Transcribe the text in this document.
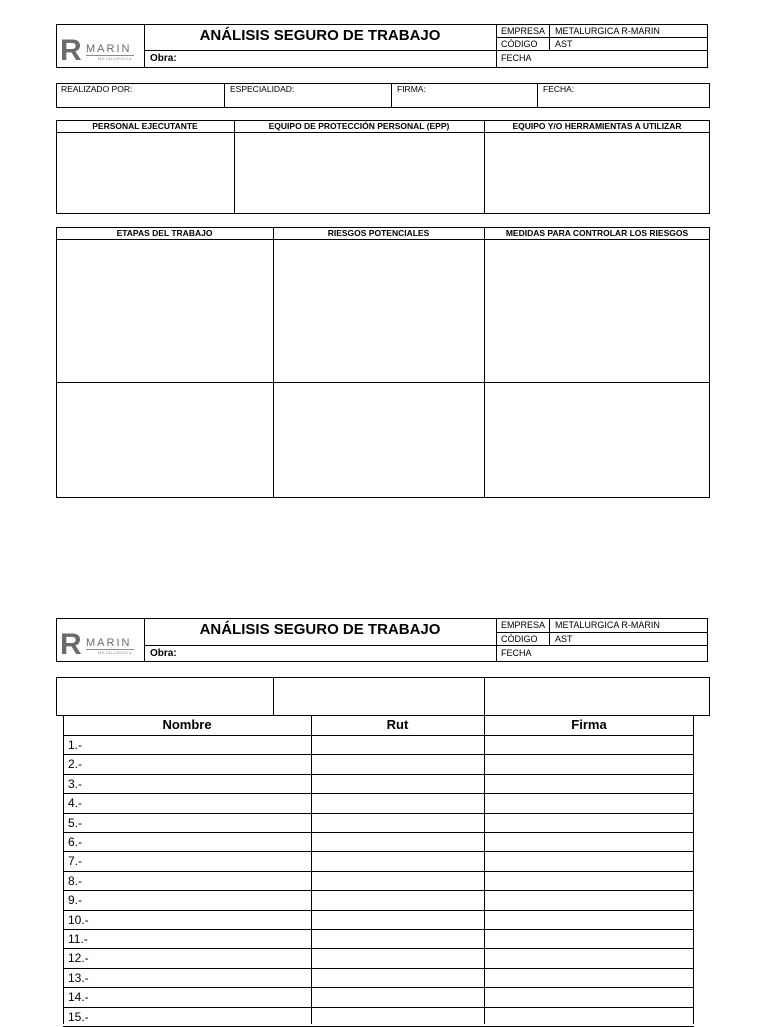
R MARIN
METALURGICA
ANÁLISIS SEGURO DE TRABAJO
Obra:
EMPRESA METALURGICA R-MARIN
CÓDIGO AST
FECHA
REALIZADO POR:	ESPECIALIDAD:	FIRMA:	FECHA:
PERSONAL EJECUTANTE	EQUIPO DE PROTECCIÓN PERSONAL (EPP)	EQUIPO Y/O HERRAMIENTAS A UTILIZAR
ETAPAS DEL TRABAJO	RIESGOS POTENCIALES	MEDIDAS PARA CONTROLAR LOS RIESGOS
R MARIN
METALURGICA
ANÁLISIS SEGURO DE TRABAJO
Obra:
EMPRESA METALURGICA R-MARIN
CÓDIGO AST
FECHA
Nombre	Rut	Firma
1.-
2.-
3.-
4.-
5.-
6.-
7.-
8.-
9.-
10.-
11.-
12.-
13.-
14.-
15.-
